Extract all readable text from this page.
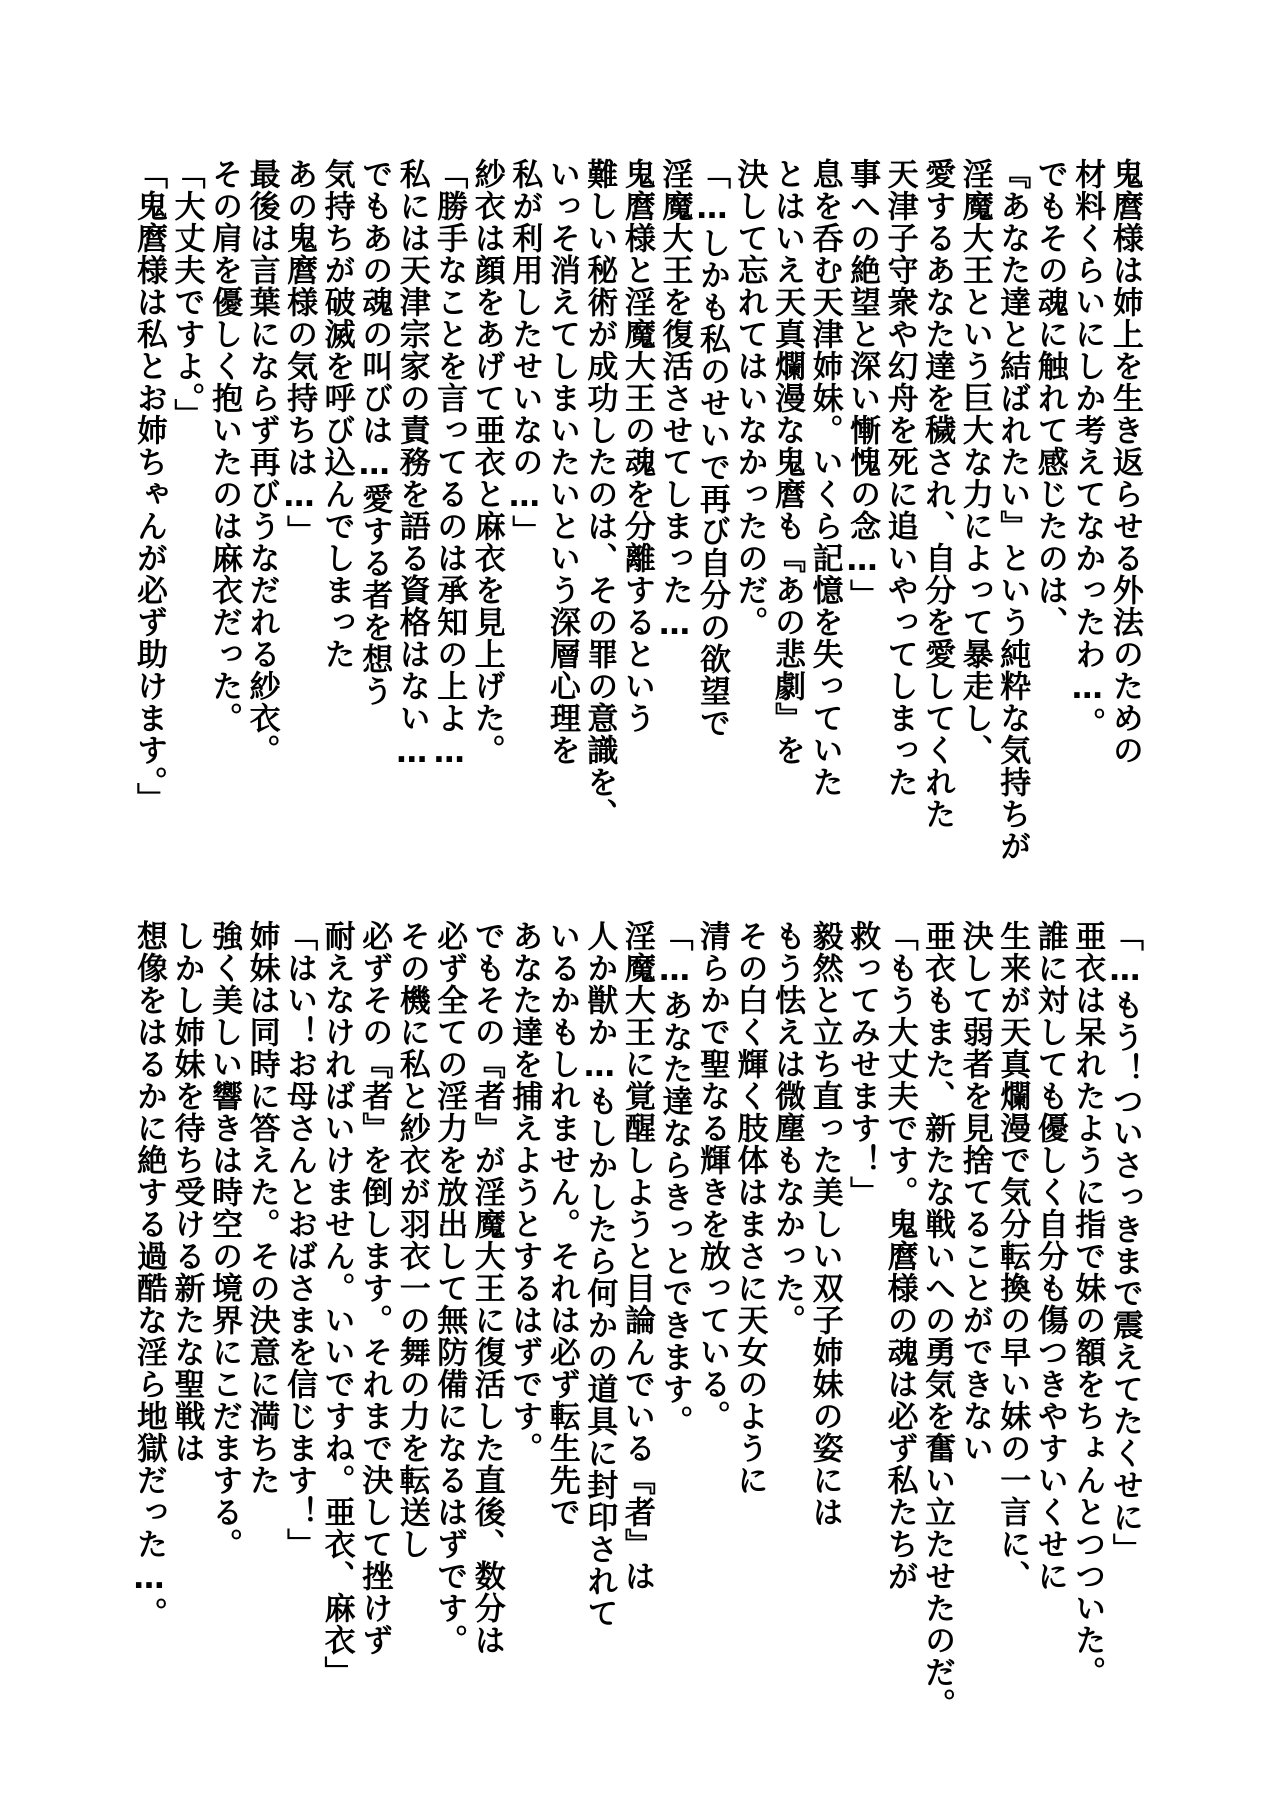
鬼麿様は姉上を生き返らせる外法のための

材料くらいにしか考えてなかったわ…。

でもその魂に触れて感じたのは、

『あなた達と結ばれたい』という純粋な気持ちが

淫魔大王という巨大な力によって暴走し、

愛するあなた達を穢され、自分を愛してくれた

天津子守衆や幻舟を死に追いやってしまった

事への絶望と深い慚愧の念…」

息を呑む天津姉妹。いくら記憶を失っていた

とはいえ天真爛漫な鬼麿も『あの悲劇』を

決して忘れてはいなかったのだ。

「…しかも私のせいで再び自分の欲望で

淫魔大王を復活させてしまった…

鬼麿様と淫魔大王の魂を分離するという

難しい秘術が成功したのは、その罪の意識を、

いっそ消えてしまいたいという深層心理を

私が利用したせいなの…」

紗衣は顔をあげて亜衣と麻衣を見上げた。

「勝手なことを言ってるのは承知の上よ…

私には天津宗家の責務を語る資格はない…

でもあの魂の叫びは…愛する者を想う

気持ちが破滅を呼び込んでしまった

あの鬼麿様の気持ちは…」

最後は言葉にならず再びうなだれる紗衣。

その肩を優しく抱いたのは麻衣だった。

「大丈夫ですよ。」

「鬼麿様は私とお姉ちゃんが必ず助けます。」

「…もう！ついさっきまで震えてたくせに」

亜衣は呆れたように指で妹の額をちょんとつついた。

誰に対しても優しく自分も傷つきやすいくせに

生来が天真爛漫で気分転換の早い妹の一言に、

決して弱者を見捨てることができない

亜衣もまた、新たな戦いへの勇気を奮い立たせたのだ。

「もう大丈夫です。鬼麿様の魂は必ず私たちが

救ってみせます！」

毅然と立ち直った美しい双子姉妹の姿には

もう怯えは微塵もなかった。

その白く輝く肢体はまさに天女のように

清らかで聖なる輝きを放っている。

「…あなた達ならきっとできます。

淫魔大王に覚醒しようと目論んでいる『者』は

人か獣か…もしかしたら何かの道具に封印されて

いるかもしれません。それは必ず転生先で

あなた達を捕えようとするはずです。

でもその『者』が淫魔大王に復活した直後、数分は

必ず全ての淫力を放出して無防備になるはずです。

その機に私と紗衣が羽衣一の舞の力を転送し

必ずその『者』を倒します。それまで決して挫けず

耐えなければいけません。いいですね。亜衣、麻衣」

「はい！お母さんとおばさまを信じます！」

姉妹は同時に答えた。その決意に満ちた

強く美しい響きは時空の境界にこだまする。

しかし姉妹を待ち受ける新たな聖戦は

想像をはるかに絶する過酷な淫ら地獄だった…。
